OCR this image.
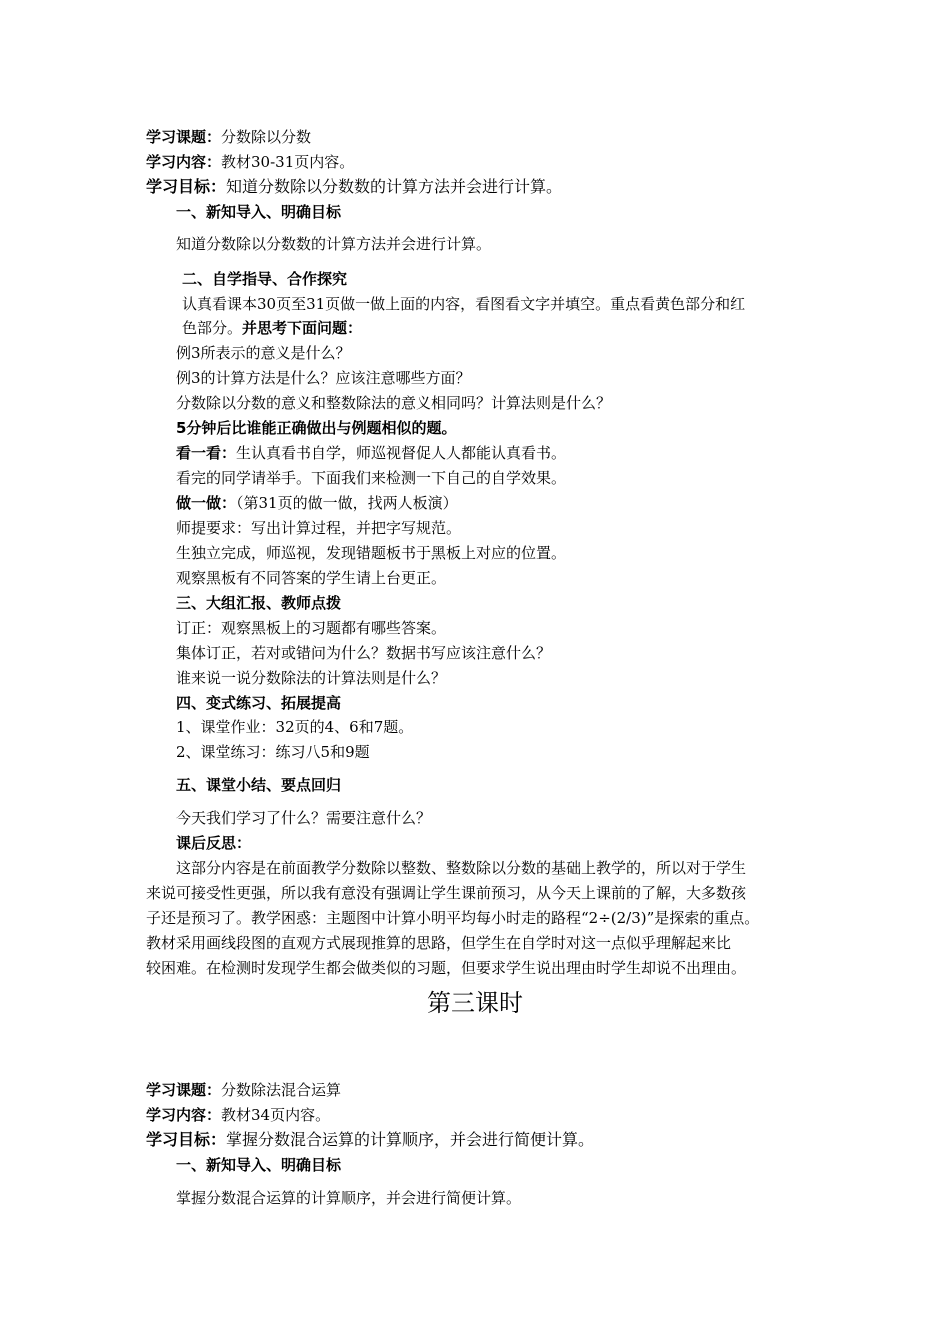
学习课题：分数除以分数
学习内容：教材30-31页内容。
学习目标：知道分数除以分数数的计算方法并会进行计算。
一、新知导入、明确目标
知道分数除以分数数的计算方法并会进行计算。
二、自学指导、合作探究
认真看课本30页至31页做一做上面的内容，看图看文字并填空。重点看黄色部分和红
色部分。并思考下面问题：
例3所表示的意义是什么？
例3的计算方法是什么？应该注意哪些方面？
分数除以分数的意义和整数除法的意义相同吗？计算法则是什么？
5分钟后比谁能正确做出与例题相似的题。
看一看：生认真看书自学，师巡视督促人人都能认真看书。
看完的同学请举手。下面我们来检测一下自己的自学效果。
做一做：（第31页的做一做，找两人板演）
师提要求：写出计算过程，并把字写规范。
生独立完成，师巡视，发现错题板书于黑板上对应的位置。
观察黑板有不同答案的学生请上台更正。
三、大组汇报、教师点拨
订正：观察黑板上的习题都有哪些答案。
集体订正，若对或错问为什么？数据书写应该注意什么？
谁来说一说分数除法的计算法则是什么？
四、变式练习、拓展提高
1、课堂作业：32页的4、6和7题。
2、课堂练习：练习八5和9题
五、课堂小结、要点回归
今天我们学习了什么？需要注意什么？
课后反思：
这部分内容是在前面教学分数除以整数、整数除以分数的基础上教学的，所以对于学生
来说可接受性更强，所以我有意没有强调让学生课前预习，从今天上课前的了解，大多数孩
子还是预习了。教学困惑：主题图中计算小明平均每小时走的路程“2÷(2/3)”是探索的重点。
教材采用画线段图的直观方式展现推算的思路，但学生在自学时对这一点似乎理解起来比
较困难。在检测时发现学生都会做类似的习题，但要求学生说出理由时学生却说不出理由。
第三课时
学习课题：分数除法混合运算
学习内容：教材34页内容。
学习目标：掌握分数混合运算的计算顺序，并会进行简便计算。
一、新知导入、明确目标
掌握分数混合运算的计算顺序，并会进行简便计算。
